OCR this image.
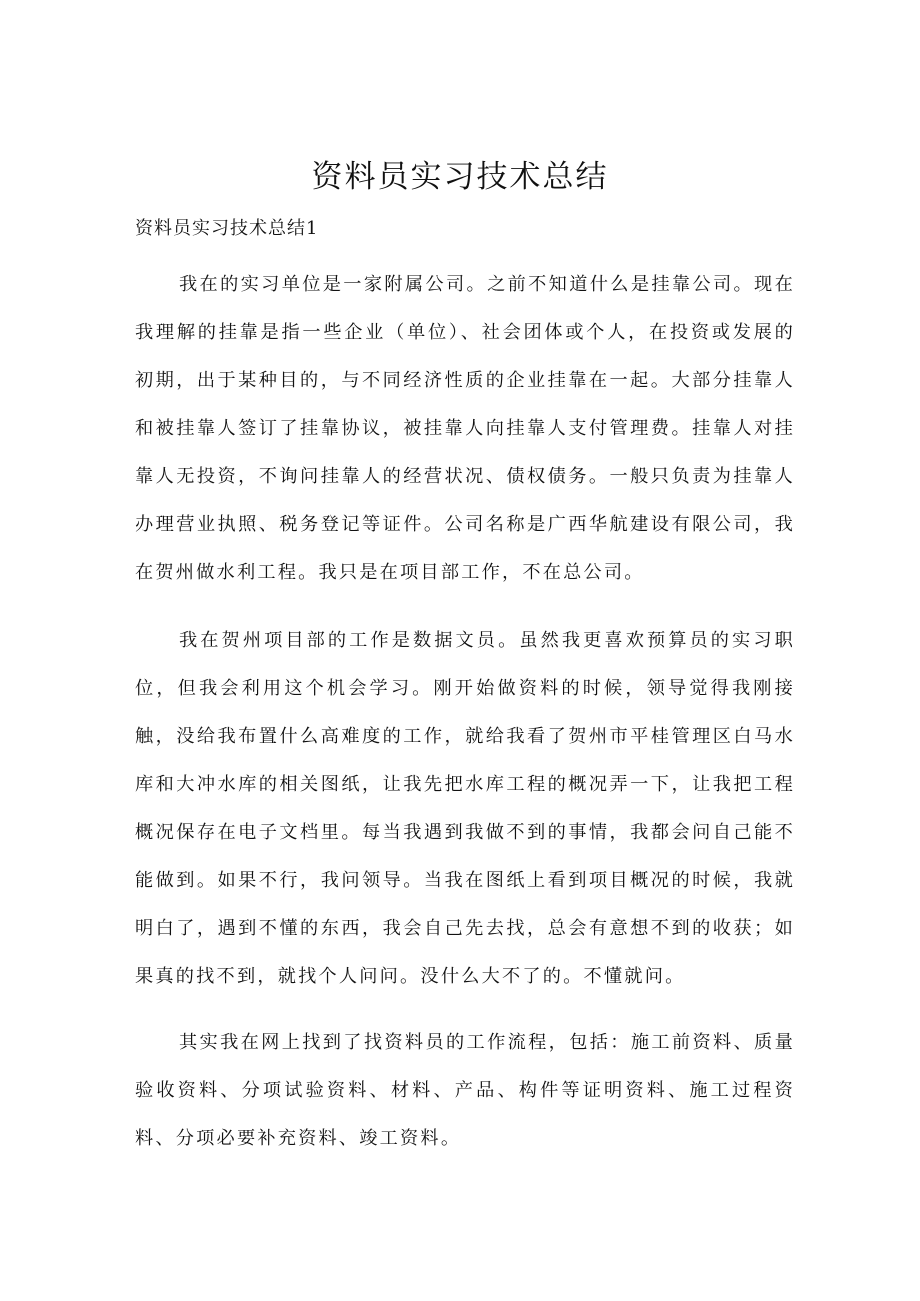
资料员实习技术总结

资料员实习技术总结1

我在的实习单位是一家附属公司。之前不知道什么是挂靠公司。现在我理解的挂靠是指一些企业（单位）、社会团体或个人，在投资或发展的初期，出于某种目的，与不同经济性质的企业挂靠在一起。大部分挂靠人和被挂靠人签订了挂靠协议，被挂靠人向挂靠人支付管理费。挂靠人对挂靠人无投资，不询问挂靠人的经营状况、债权债务。一般只负责为挂靠人办理营业执照、税务登记等证件。公司名称是广西华航建设有限公司，我在贺州做水利工程。我只是在项目部工作，不在总公司。

我在贺州项目部的工作是数据文员。虽然我更喜欢预算员的实习职位，但我会利用这个机会学习。刚开始做资料的时候，领导觉得我刚接触，没给我布置什么高难度的工作，就给我看了贺州市平桂管理区白马水库和大冲水库的相关图纸，让我先把水库工程的概况弄一下，让我把工程概况保存在电子文档里。每当我遇到我做不到的事情，我都会问自己能不能做到。如果不行，我问领导。当我在图纸上看到项目概况的时候，我就明白了，遇到不懂的东西，我会自己先去找，总会有意想不到的收获；如果真的找不到，就找个人问问。没什么大不了的。不懂就问。

其实我在网上找到了找资料员的工作流程，包括：施工前资料、质量验收资料、分项试验资料、材料、产品、构件等证明资料、施工过程资料、分项必要补充资料、竣工资料。
